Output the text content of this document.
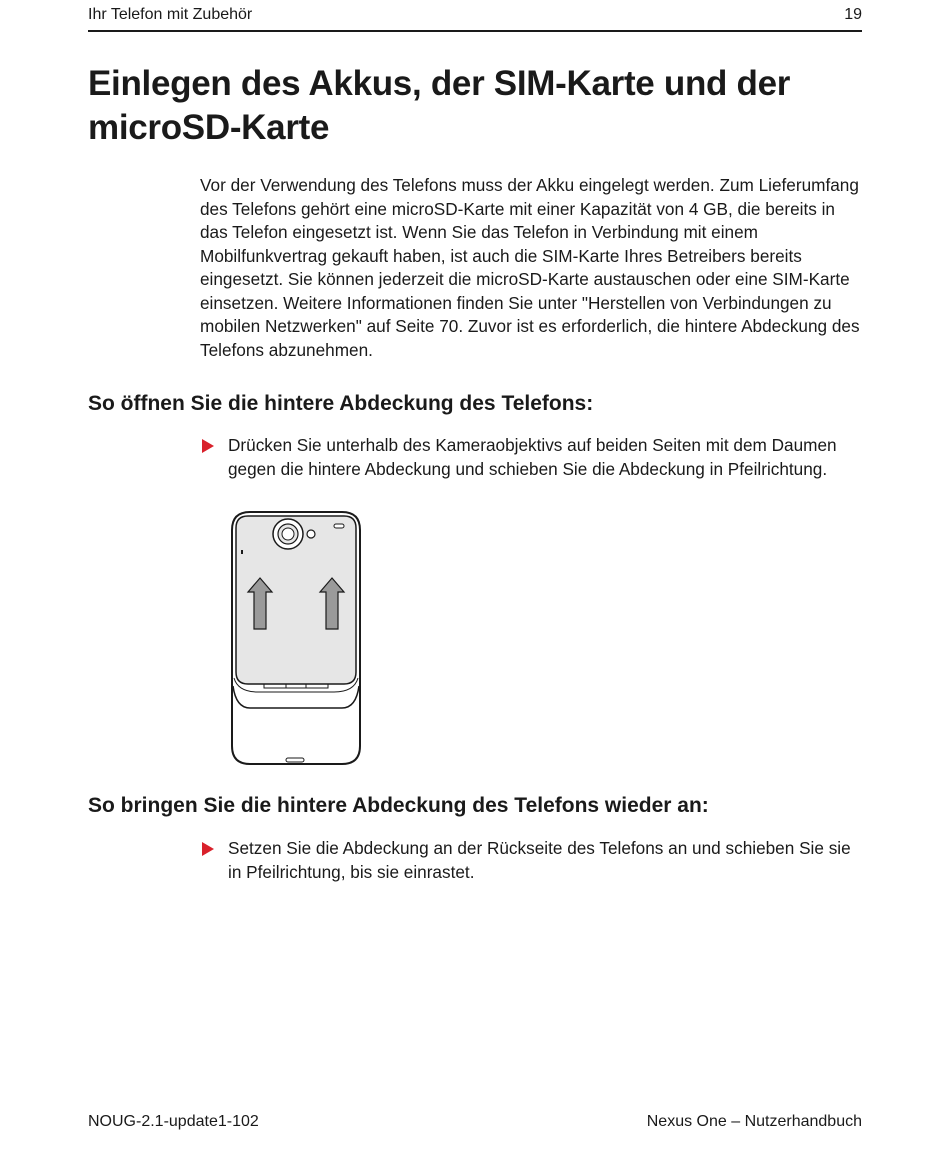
Ihr Telefon mit Zubehör	19
Einlegen des Akkus, der SIM-Karte und der microSD-Karte

Vor der Verwendung des Telefons muss der Akku eingelegt werden. Zum Lieferumfang des Telefons gehört eine microSD-Karte mit einer Kapazität von 4 GB, die bereits in das Telefon eingesetzt ist. Wenn Sie das Telefon in Verbindung mit einem Mobilfunkvertrag gekauft haben, ist auch die SIM-Karte Ihres Betreibers bereits eingesetzt. Sie können jederzeit die microSD-Karte austauschen oder eine SIM-Karte einsetzen. Weitere Informationen finden Sie unter "Herstellen von Verbindungen zu mobilen Netzwerken" auf Seite 70. Zuvor ist es erforderlich, die hintere Abdeckung des Telefons abzunehmen.

So öffnen Sie die hintere Abdeckung des Telefons:
Drücken Sie unterhalb des Kameraobjektivs auf beiden Seiten mit dem Daumen gegen die hintere Abdeckung und schieben Sie die Abdeckung in Pfeilrichtung.
So bringen Sie die hintere Abdeckung des Telefons wieder an:
Setzen Sie die Abdeckung an der Rückseite des Telefons an und schieben Sie sie in Pfeilrichtung, bis sie einrastet.
NOUG-2.1-update1-102	Nexus One – Nutzerhandbuch
